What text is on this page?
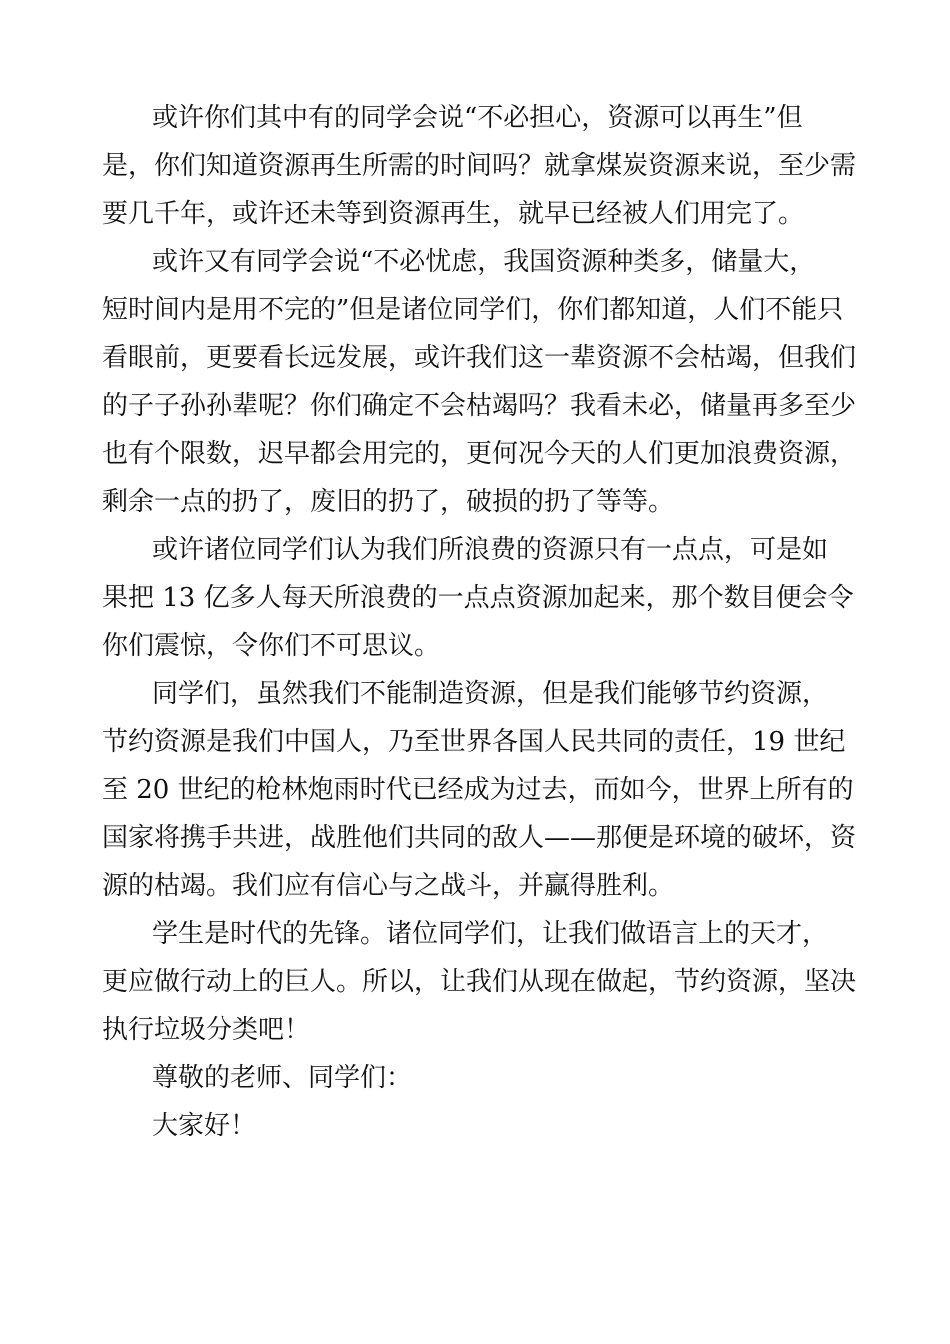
或许你们其中有的同学会说“不必担心，资源可以再生”但
是，你们知道资源再生所需的时间吗？就拿煤炭资源来说，至少需
要几千年，或许还未等到资源再生，就早已经被人们用完了。
或许又有同学会说“不必忧虑，我国资源种类多，储量大，
短时间内是用不完的”但是诸位同学们，你们都知道，人们不能只
看眼前，更要看长远发展，或许我们这一辈资源不会枯竭，但我们
的子子孙孙辈呢？你们确定不会枯竭吗？我看未必，储量再多至少
也有个限数，迟早都会用完的，更何况今天的人们更加浪费资源，
剩余一点的扔了，废旧的扔了，破损的扔了等等。
或许诸位同学们认为我们所浪费的资源只有一点点，可是如
果把 13 亿多人每天所浪费的一点点资源加起来，那个数目便会令
你们震惊，令你们不可思议。
同学们，虽然我们不能制造资源，但是我们能够节约资源，
节约资源是我们中国人，乃至世界各国人民共同的责任，19 世纪
至 20 世纪的枪林炮雨时代已经成为过去，而如今，世界上所有的
国家将携手共进，战胜他们共同的敌人——那便是环境的破坏，资
源的枯竭。我们应有信心与之战斗，并赢得胜利。
学生是时代的先锋。诸位同学们，让我们做语言上的天才，
更应做行动上的巨人。所以，让我们从现在做起，节约资源，坚决
执行垃圾分类吧！
尊敬的老师、同学们：
大家好！
